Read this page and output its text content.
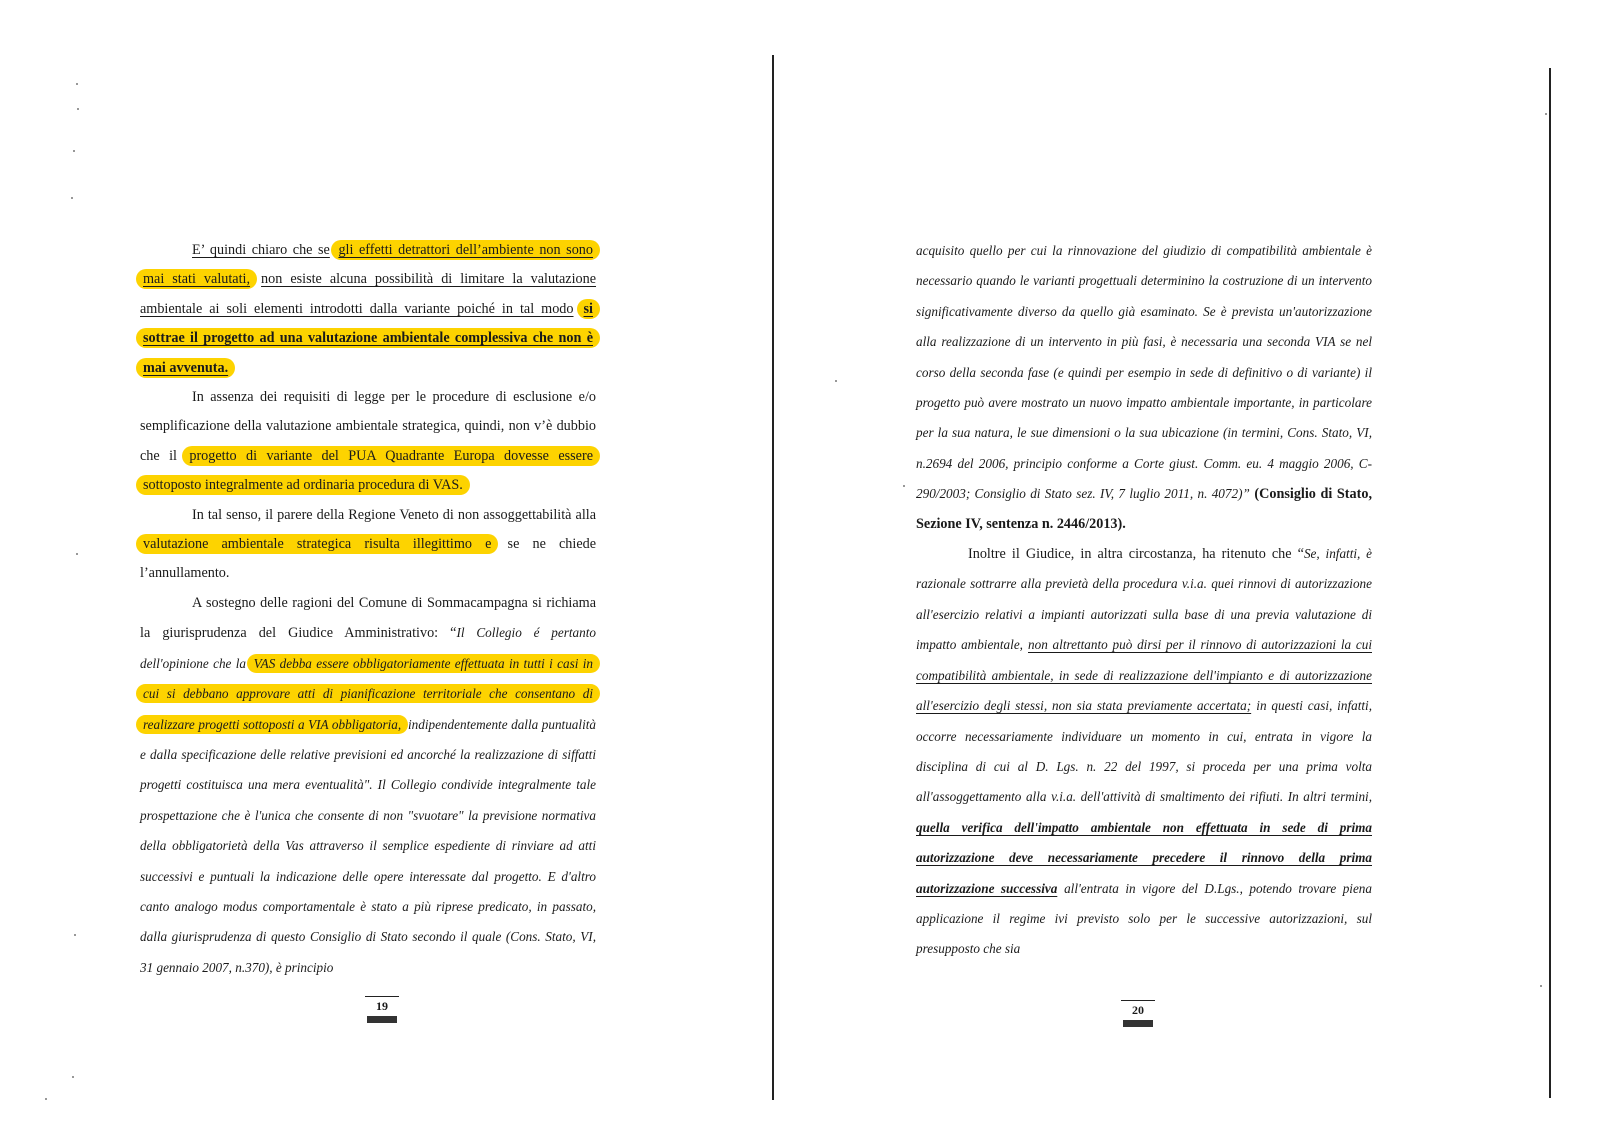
E’ quindi chiaro che se gli effetti detrattori dell’ambiente non sono mai stati valutati, non esiste alcuna possibilità di limitare la valutazione ambientale ai soli elementi introdotti dalla variante poiché in tal modo si sottrae il progetto ad una valutazione ambientale complessiva che non è mai avvenuta.

In assenza dei requisiti di legge per le procedure di esclusione e/o semplificazione della valutazione ambientale strategica, quindi, non v’è dubbio che il progetto di variante del PUA Quadrante Europa dovesse essere sottoposto integralmente ad ordinaria procedura di VAS.

In tal senso, il parere della Regione Veneto di non assoggettabilità alla valutazione ambientale strategica risulta illegittimo e se ne chiede l’annullamento.

A sostegno delle ragioni del Comune di Sommacampagna si richiama la giurisprudenza del Giudice Amministrativo: “Il Collegio é pertanto dell'opinione che la VAS debba essere obbligatoriamente effettuata in tutti i casi in cui si debbano approvare atti di pianificazione territoriale che consentano di realizzare progetti sottoposti a VIA obbligatoria, indipendentemente dalla puntualità e dalla specificazione delle relative previsioni ed ancorché la realizzazione di siffatti progetti costituisca una mera eventualità". Il Collegio condivide integralmente tale prospettazione che è l'unica che consente di non "svuotare" la previsione normativa della obbligatorietà della Vas attraverso il semplice espediente di rinviare ad atti successivi e puntuali la indicazione delle opere interessate dal progetto. E d'altro canto analogo modus comportamentale è stato a più riprese predicato, in passato, dalla giurisprudenza di questo Consiglio di Stato secondo il quale (Cons. Stato, VI, 31 gennaio 2007, n.370), è principio

19

acquisito quello per cui la rinnovazione del giudizio di compatibilità ambientale è necessario quando le varianti progettuali determinino la costruzione di un intervento significativamente diverso da quello già esaminato. Se è prevista un'autorizzazione alla realizzazione di un intervento in più fasi, è necessaria una seconda VIA se nel corso della seconda fase (e quindi per esempio in sede di definitivo o di variante) il progetto può avere mostrato un nuovo impatto ambientale importante, in particolare per la sua natura, le sue dimensioni o la sua ubicazione (in termini, Cons. Stato, VI, n.2694 del 2006, principio conforme a Corte giust. Comm. eu. 4 maggio 2006, C-290/2003; Consiglio di Stato sez. IV, 7 luglio 2011, n. 4072)” (Consiglio di Stato, Sezione IV, sentenza n. 2446/2013).

Inoltre il Giudice, in altra circostanza, ha ritenuto che “Se, infatti, è razionale sottrarre alla previetà della procedura v.i.a. quei rinnovi di autorizzazione all'esercizio relativi a impianti autorizzati sulla base di una previa valutazione di impatto ambientale, non altrettanto può dirsi per il rinnovo di autorizzazioni la cui compatibilità ambientale, in sede di realizzazione dell'impianto e di autorizzazione all'esercizio degli stessi, non sia stata previamente accertata; in questi casi, infatti, occorre necessariamente individuare un momento in cui, entrata in vigore la disciplina di cui al D. Lgs. n. 22 del 1997, si proceda per una prima volta all'assoggettamento alla v.i.a. dell'attività di smaltimento dei rifiuti. In altri termini, quella verifica dell'impatto ambientale non effettuata in sede di prima autorizzazione deve necessariamente precedere il rinnovo della prima autorizzazione successiva all'entrata in vigore del D.Lgs., potendo trovare piena applicazione il regime ivi previsto solo per le successive autorizzazioni, sul presupposto che sia

20
